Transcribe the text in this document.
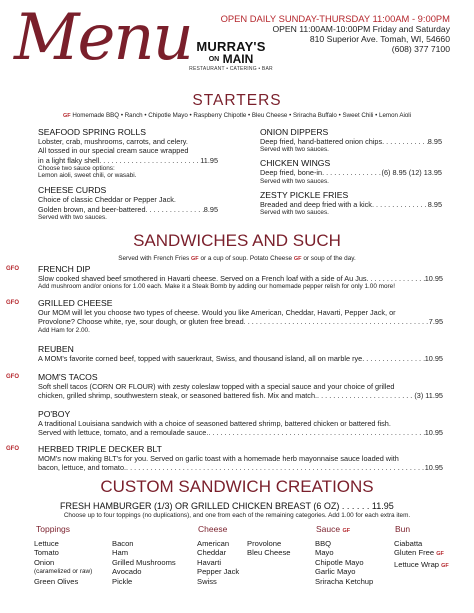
Menu MURRAY'S
ON MAIN
RESTAURANT • CATERING • BAR
OPEN DAILY SUNDAY-THURSDAY 11:00AM - 9:00PM
OPEN 11:00AM-10:00PM Friday and Saturday
810 Superior Ave. Tomah, WI, 54660
(608) 377 7100
STARTERS
GF Homemade BBQ • Ranch • Chipotle Mayo • Raspberry Chipotle • Bleu Cheese • Sriracha Buffalo • Sweet Chili • Lemon Aioli
SEAFOOD SPRING ROLLS
Lobster, crab, mushrooms, carrots, and celery.
All tossed in our special cream sauce wrapped
in a light flaky shell . . .	11.95
Choose two sauce options:
Lemon aioli, sweet chili, or wasabi.
CHEESE CURDS
Choice of classic Cheddar or Pepper Jack.
Golden brown, and beer-battered . . .	8.95
Served with two sauces.
ONION DIPPERS
Deep fried, hand-battered onion chips . . .	8.95
Served with two sauces.
CHICKEN WINGS
Deep fried, bone-in . . .	(6) 8.95 (12) 13.95
Served with two sauces.
ZESTY PICKLE FRIES
Breaded and deep fried with a kick . . .	8.95
Served with two sauces.
SANDWICHES AND SUCH
Served with French Fries GF or a cup of soup. Potato Cheese GF or soup of the day.
GFO FRENCH DIP
Slow cooked shaved beef smothered in Havarti cheese. Served on a French loaf with a side of Au Jus . . .	10.95
Add mushroom and/or onions for 1.00 each. Make it a Steak Bomb by adding our homemade pepper relish for only 1.00 more!
GFO GRILLED CHEESE
Our MOM will let you choose two types of cheese. Would you like American, Cheddar, Havarti, Pepper Jack, or
Provolone? Choose white, rye, sour dough, or gluten free bread . . .	7.95
Add Ham for 2.00.
REUBEN
A MOM's favorite corned beef, topped with sauerkraut, Swiss, and thousand island, all on marble rye . . .	10.95
GFO MOM'S TACOS
Soft shell tacos (CORN OR FLOUR) with zesty coleslaw topped with a special sauce and your choice of grilled
chicken, grilled shrimp, southwestern steak, or seasoned battered fish. Mix and match. . . .	(3) 11.95
PO'BOY
A traditional Louisiana sandwich with a choice of seasoned battered shrimp, battered chicken or battered fish.
Served with lettuce, tomato, and a remoulade sauce. . . .	10.95
GFO HERBED TRIPLE DECKER BLT
MOM's now making BLT's for you. Served on garlic toast with a homemade herb mayonnaise sauce loaded with
bacon, lettuce, and tomato. . . .	10.95
CUSTOM SANDWICH CREATIONS
FRESH HAMBURGER (1/3) OR GRILLED CHICKEN BREAST (6 OZ) . . . . . . 11.95
Choose up to four toppings (no duplications), and one from each of the remaining categories. Add 1.00 for each extra item.
Toppings
Lettuce
Tomato
Onion
(caramelized or raw)
Green Olives
Bacon
Ham
Grilled Mushrooms
Avocado
Pickle
Cheese
American
Cheddar
Havarti
Pepper Jack
Swiss
Provolone
Bleu Cheese
Sauce GF
BBQ
Mayo
Chipotle Mayo
Garlic Mayo
Sriracha Ketchup
Bun
Ciabatta
Gluten Free GF
Lettuce Wrap GF
